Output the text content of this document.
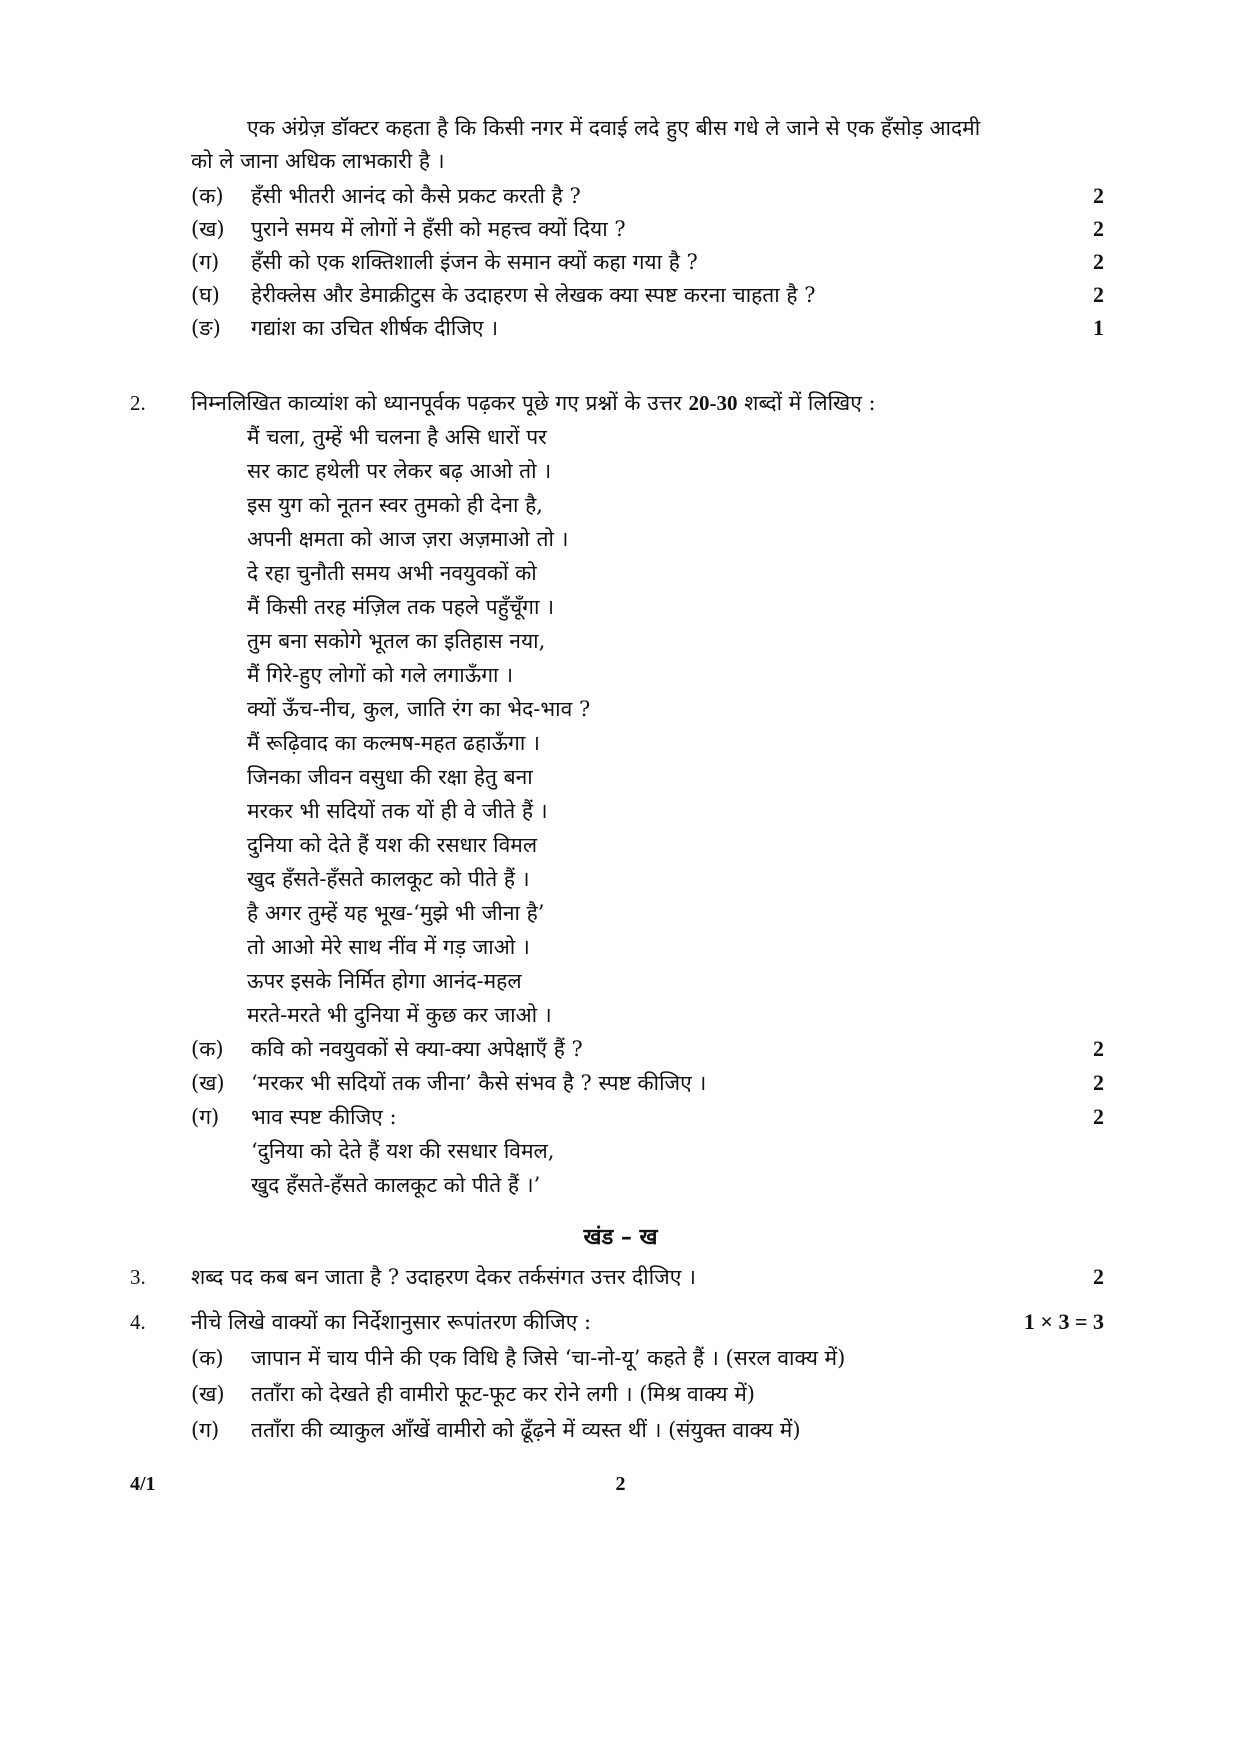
एक अंग्रेज़ डॉक्टर कहता है कि किसी नगर में दवाई लदे हुए बीस गधे ले जाने से एक हँसोड़ आदमी
को ले जाना अधिक लाभकारी है ।
(क) हँसी भीतरी आनंद को कैसे प्रकट करती है ?	2
(ख) पुराने समय में लोगों ने हँसी को महत्त्व क्यों दिया ?	2
(ग) हँसी को एक शक्तिशाली इंजन के समान क्यों कहा गया है ?	2
(घ) हेरीक्लेस और डेमाक्रीटुस के उदाहरण से लेखक क्या स्पष्ट करना चाहता है ?	2
(ङ) गद्यांश का उचित शीर्षक दीजिए ।	1
2. निम्नलिखित काव्यांश को ध्यानपूर्वक पढ़कर पूछे गए प्रश्नों के उत्तर 20-30 शब्दों में लिखिए :
मैं चला, तुम्हें भी चलना है असि धारों पर
सर काट हथेली पर लेकर बढ़ आओ तो ।
इस युग को नूतन स्वर तुमको ही देना है,
अपनी क्षमता को आज ज़रा अज़माओ तो ।
दे रहा चुनौती समय अभी नवयुवकों को
मैं किसी तरह मंज़िल तक पहले पहुँचूँगा ।
तुम बना सकोगे भूतल का इतिहास नया,
मैं गिरे-हुए लोगों को गले लगाऊँगा ।
क्यों ऊँच-नीच, कुल, जाति रंग का भेद-भाव ?
मैं रूढ़िवाद का कल्मष-महत ढहाऊँगा ।
जिनका जीवन वसुधा की रक्षा हेतु बना
मरकर भी सदियों तक यों ही वे जीते हैं ।
दुनिया को देते हैं यश की रसधार विमल
खुद हँसते-हँसते कालकूट को पीते हैं ।
है अगर तुम्हें यह भूख-‘मुझे भी जीना है’
तो आओ मेरे साथ नींव में गड़ जाओ ।
ऊपर इसके निर्मित होगा आनंद-महल
मरते-मरते भी दुनिया में कुछ कर जाओ ।
(क) कवि को नवयुवकों से क्या-क्या अपेक्षाएँ हैं ?	2
(ख) ‘मरकर भी सदियों तक जीना’ कैसे संभव है ? स्पष्ट कीजिए ।	2
(ग) भाव स्पष्ट कीजिए :	2
‘दुनिया को देते हैं यश की रसधार विमल,
खुद हँसते-हँसते कालकूट को पीते हैं ।’
खंड – ख
3. शब्द पद कब बन जाता है ? उदाहरण देकर तर्कसंगत उत्तर दीजिए ।	2
4. नीचे लिखे वाक्यों का निर्देशानुसार रूपांतरण कीजिए :	1 × 3 = 3
(क) जापान में चाय पीने की एक विधि है जिसे ‘चा-नो-यू’ कहते हैं । (सरल वाक्य में)
(ख) तताँरा को देखते ही वामीरो फूट-फूट कर रोने लगी । (मिश्र वाक्य में)
(ग) तताँरा की व्याकुल आँखें वामीरो को ढूँढ़ने में व्यस्त थीं । (संयुक्त वाक्य में)
4/1	2
